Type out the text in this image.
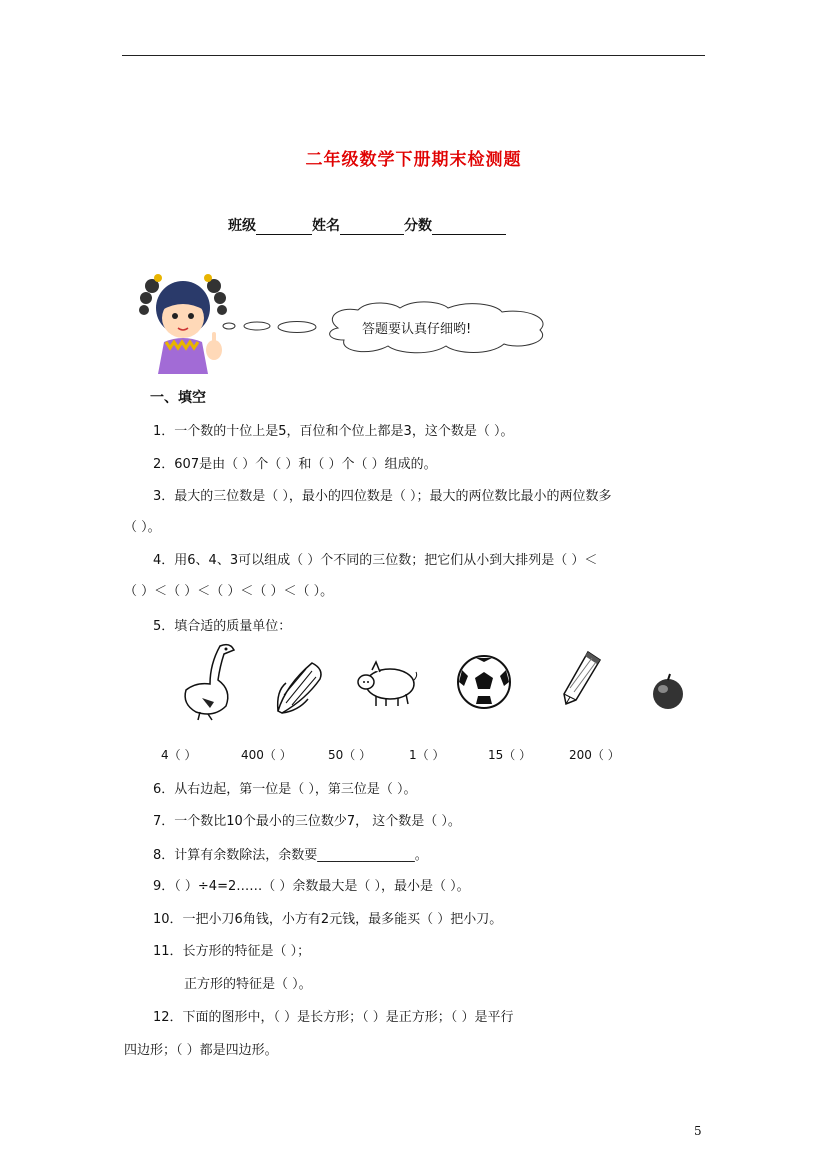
二年级数学下册期末检测题
班级	姓名	分数
答题要认真仔细哟!
一、填空
1．一个数的十位上是5，百位和个位上都是3，这个数是（ ）。
2．607是由（ ）个（ ）和（ ）个（ ）组成的。
3．最大的三位数是（ ），最小的四位数是（ ）；最大的两位数比最小的两位数多
（ ）。
4．用6、4、3可以组成（ ）个不同的三位数；把它们从小到大排列是（ ）＜
（ ）＜（ ）＜（ ）＜（ ）＜（ ）。
5．填合适的质量单位：
4（ ）	400（ ）	50（ ）	1（ ）	15（ ）	200（ ）
6．从右边起，第一位是（ ），第三位是（ ）。
7．一个数比10个最小的三位数少7， 这个数是（ ）。
8．计算有余数除法，余数要_______________。
9．（ ）÷4=2……（ ）余数最大是（ ），最小是（ ）。
10．一把小刀6角钱，小方有2元钱，最多能买（ ）把小刀。
11．长方形的特征是（ ）；
正方形的特征是（ ）。
12．下面的图形中，（ ）是长方形；（ ）是正方形；（ ）是平行
四边形；（ ）都是四边形。
5
